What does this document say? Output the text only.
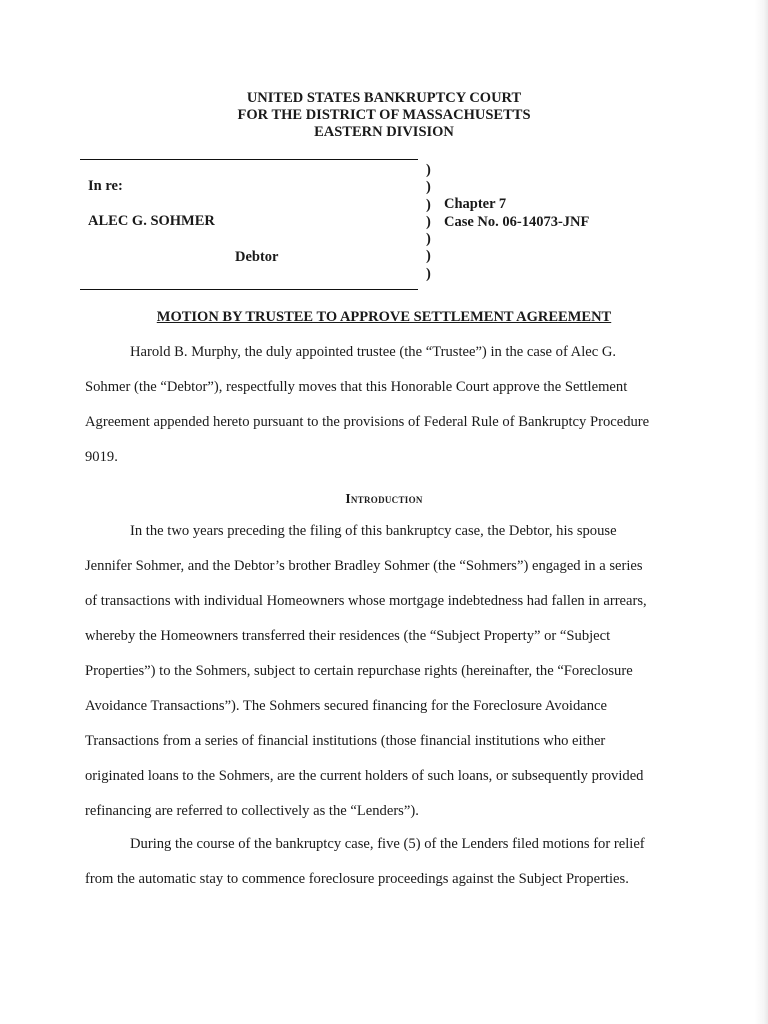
UNITED STATES BANKRUPTCY COURT
FOR THE DISTRICT OF MASSACHUSETTS
EASTERN DIVISION
In re:
ALEC G. SOHMER
Debtor
)
)
)
)
)
)
)
Chapter 7
Case No. 06-14073-JNF
MOTION BY TRUSTEE TO APPROVE SETTLEMENT AGREEMENT
Harold B. Murphy, the duly appointed trustee (the “Trustee”) in the case of Alec G.
Sohmer (the “Debtor”), respectfully moves that this Honorable Court approve the Settlement
Agreement appended hereto pursuant to the provisions of Federal Rule of Bankruptcy Procedure
9019.
Introduction
In the two years preceding the filing of this bankruptcy case, the Debtor, his spouse
Jennifer Sohmer, and the Debtor’s brother Bradley Sohmer (the “Sohmers”) engaged in a series
of transactions with individual Homeowners whose mortgage indebtedness had fallen in arrears,
whereby the Homeowners transferred their residences (the “Subject Property” or “Subject
Properties”) to the Sohmers, subject to certain repurchase rights (hereinafter, the “Foreclosure
Avoidance Transactions”). The Sohmers secured financing for the Foreclosure Avoidance
Transactions from a series of financial institutions (those financial institutions who either
originated loans to the Sohmers, are the current holders of such loans, or subsequently provided
refinancing are referred to collectively as the “Lenders”).
During the course of the bankruptcy case, five (5) of the Lenders filed motions for relief
from the automatic stay to commence foreclosure proceedings against the Subject Properties.
